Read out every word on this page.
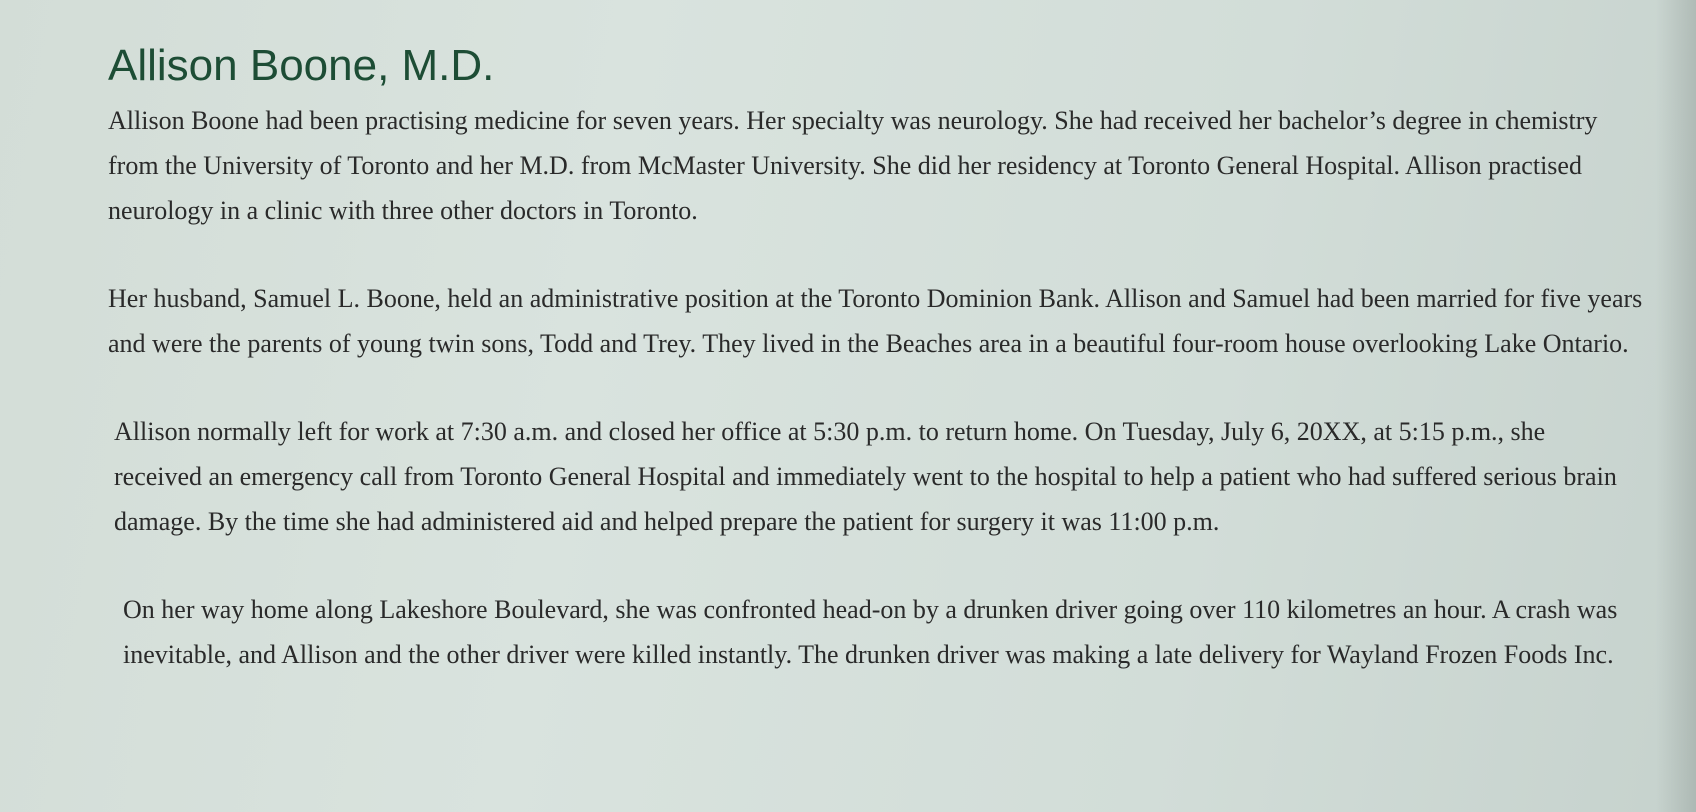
Allison Boone, M.D.

Allison Boone had been practising medicine for seven years. Her specialty was neurology. She had received her bachelor’s degree in chemistry from the University of Toronto and her M.D. from McMaster University. She did her residency at Toronto General Hospital. Allison practised neurology in a clinic with three other doctors in Toronto.

Her husband, Samuel L. Boone, held an administrative position at the Toronto Dominion Bank. Allison and Samuel had been married for five years and were the parents of young twin sons, Todd and Trey. They lived in the Beaches area in a beautiful four-room house overlooking Lake Ontario.

Allison normally left for work at 7:30 a.m. and closed her office at 5:30 p.m. to return home. On Tuesday, July 6, 20XX, at 5:15 p.m., she received an emergency call from Toronto General Hospital and immediately went to the hospital to help a patient who had suffered serious brain damage. By the time she had administered aid and helped prepare the patient for surgery it was 11:00 p.m.

On her way home along Lakeshore Boulevard, she was confronted head-on by a drunken driver going over 110 kilometres an hour. A crash was inevitable, and Allison and the other driver were killed instantly. The drunken driver was making a late delivery for Wayland Frozen Foods Inc.
